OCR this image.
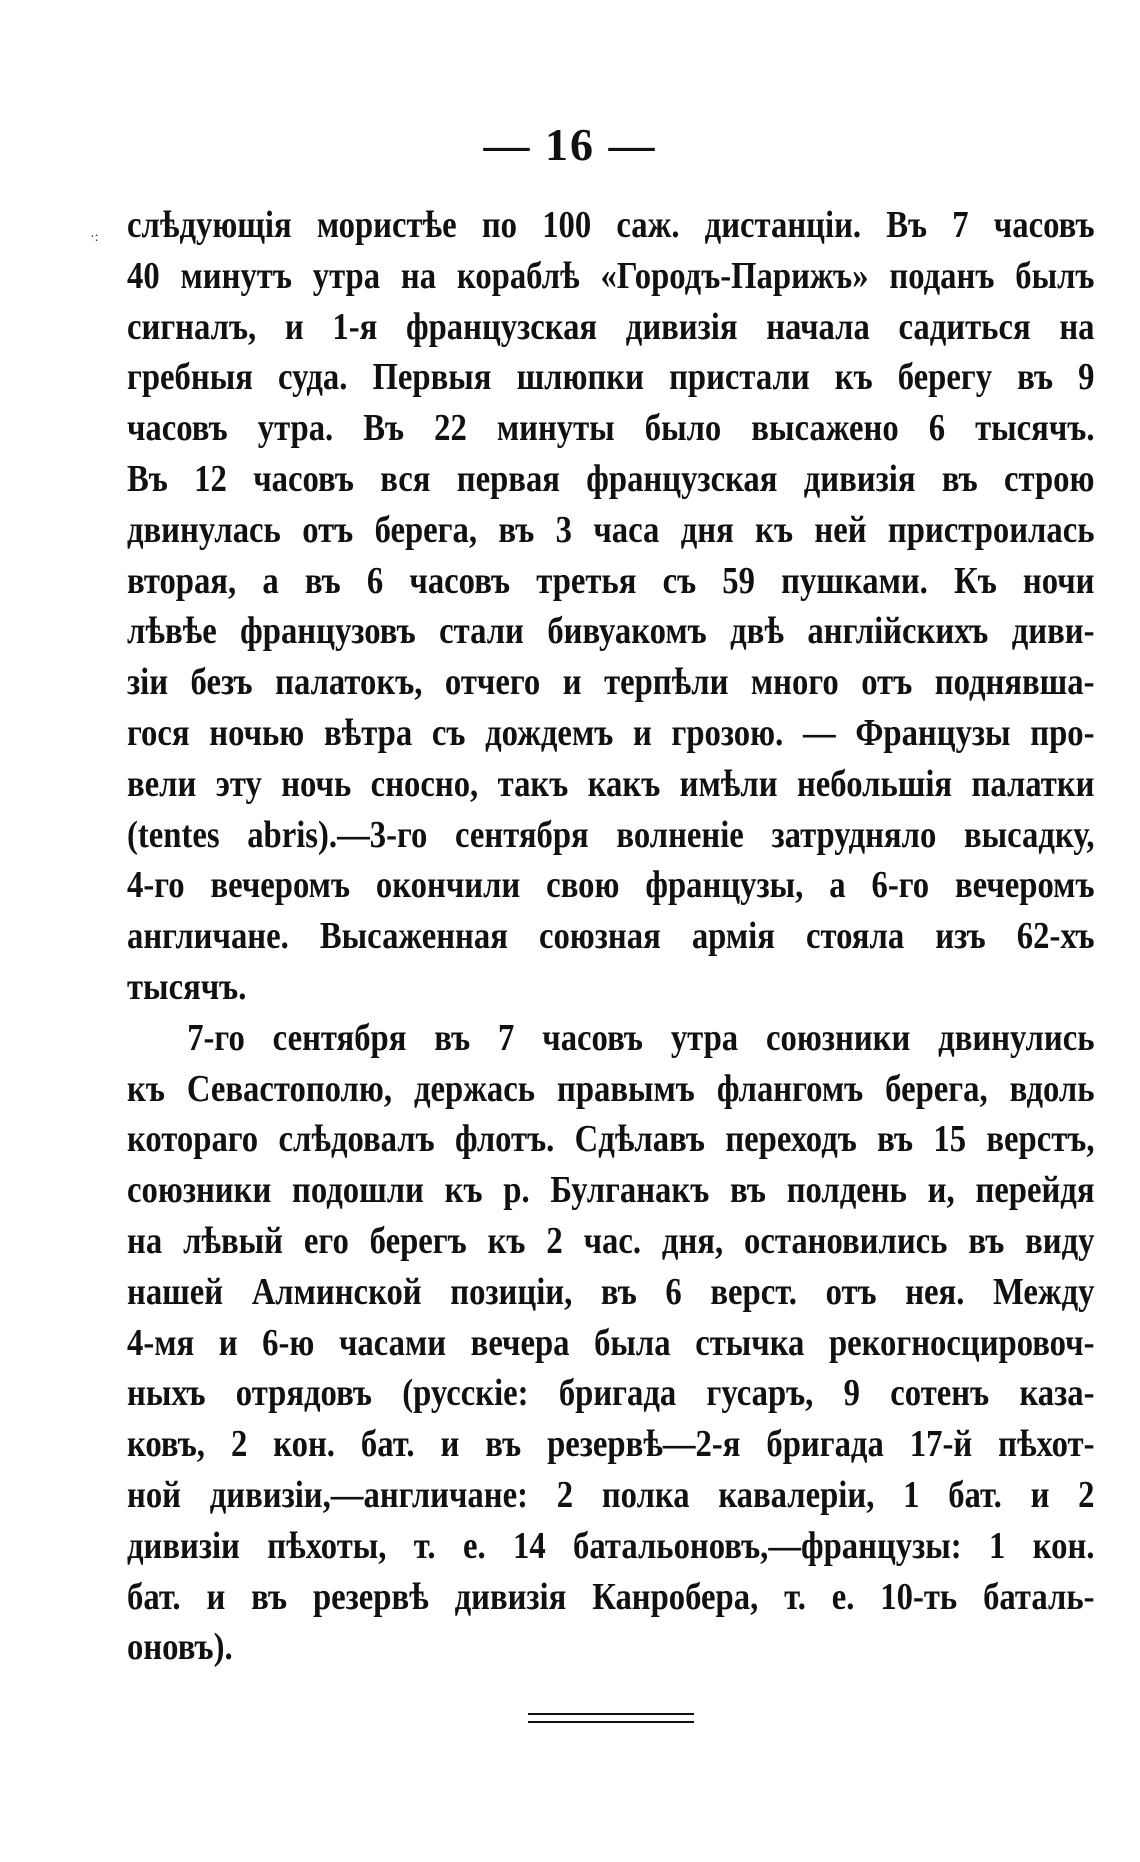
— 16 —
·: слѣдующія мористѣе по 100 саж. дистанціи. Въ 7 часовъ
40 минутъ утра на кораблѣ «Городъ-Парижъ» поданъ былъ
сигналъ, и 1-я французская дивизія начала садиться на
гребныя суда. Первыя шлюпки пристали къ берегу въ 9
часовъ утра. Въ 22 минуты было высажено 6 тысячъ.
Въ 12 часовъ вся первая французская дивизія въ строю
двинулась отъ берега, въ 3 часа дня къ ней пристроилась
вторая, а въ 6 часовъ третья съ 59 пушками. Къ ночи
лѣвѣе французовъ стали бивуакомъ двѣ англійскихъ диви-
зіи безъ палатокъ, отчего и терпѣли много отъ поднявша-
гося ночью вѣтра съ дождемъ и грозою. — Французы про-
вели эту ночь сносно, такъ какъ имѣли небольшія палатки
(tentes abris).—3-го сентября волненіе затрудняло высадку,
4-го вечеромъ окончили свою французы, а 6-го вечеромъ
англичане. Высаженная союзная армія стояла изъ 62-хъ
тысячъ.
7-го сентября въ 7 часовъ утра союзники двинулись
къ Севастополю, держась правымъ флангомъ берега, вдоль
котораго слѣдовалъ флотъ. Сдѣлавъ переходъ въ 15 верстъ,
союзники подошли къ р. Булганакъ въ полдень и, перейдя
на лѣвый его берегъ къ 2 час. дня, остановились въ виду
нашей Алминской позиціи, въ 6 верст. отъ нея. Между
4-мя и 6-ю часами вечера была стычка рекогносцировоч-
ныхъ отрядовъ (русскіе: бригада гусаръ, 9 сотенъ каза-
ковъ, 2 кон. бат. и въ резервѣ—2-я бригада 17-й пѣхот-
ной дивизіи,—англичане: 2 полка кавалеріи, 1 бат. и 2
дивизіи пѣхоты, т. е. 14 батальоновъ,—французы: 1 кон.
бат. и въ резервѣ дивизія Канробера, т. е. 10-ть баталь-
оновъ).
